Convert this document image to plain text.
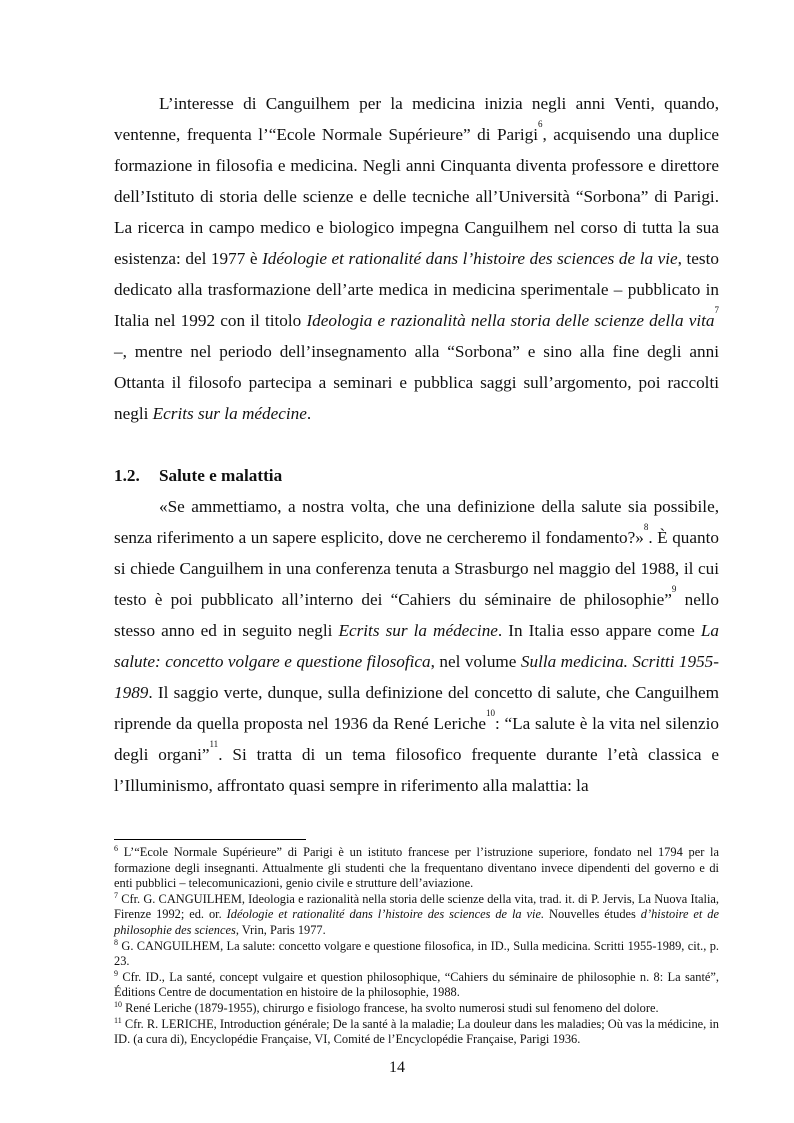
L’interesse di Canguilhem per la medicina inizia negli anni Venti, quando, ventenne, frequenta l’“Ecole Normale Supérieure” di Parigi$^6$, acquisendo una duplice formazione in filosofia e medicina. Negli anni Cinquanta diventa professore e direttore dell’Istituto di storia delle scienze e delle tecniche all’Università “Sorbona” di Parigi. La ricerca in campo medico e biologico impegna Canguilhem nel corso di tutta la sua esistenza: del 1977 è Idéologie et rationalité dans l’histoire des sciences de la vie, testo dedicato alla trasformazione dell’arte medica in medicina sperimentale – pubblicato in Italia nel 1992 con il titolo Ideologia e razionalità nella storia delle scienze della vita$^7$ –, mentre nel periodo dell’insegnamento alla “Sorbona” e sino alla fine degli anni Ottanta il filosofo partecipa a seminari e pubblica saggi sull’argomento, poi raccolti negli Ecrits sur la médecine.

1.2. Salute e malattia

«Se ammettiamo, a nostra volta, che una definizione della salute sia possibile, senza riferimento a un sapere esplicito, dove ne cercheremo il fondamento?»$^8$. È quanto si chiede Canguilhem in una conferenza tenuta a Strasburgo nel maggio del 1988, il cui testo è poi pubblicato all’interno dei “Cahiers du séminaire de philosophie”$^9$ nello stesso anno ed in seguito negli Ecrits sur la médecine. In Italia esso appare come La salute: concetto volgare e questione filosofica, nel volume Sulla medicina. Scritti 1955-1989. Il saggio verte, dunque, sulla definizione del concetto di salute, che Canguilhem riprende da quella proposta nel 1936 da René Leriche$^{10}$: “La salute è la vita nel silenzio degli organi”$^{11}$. Si tratta di un tema filosofico frequente durante l’età classica e l’Illuminismo, affrontato quasi sempre in riferimento alla malattia: la

$^6$ L’“Ecole Normale Supérieure” di Parigi è un istituto francese per l’istruzione superiore, fondato nel 1794 per la formazione degli insegnanti. Attualmente gli studenti che la frequentano diventano invece dipendenti del governo e di enti pubblici – telecomunicazioni, genio civile e strutture dell’aviazione.

$^7$ Cfr. G. CANGUILHEM, Ideologia e razionalità nella storia delle scienze della vita, trad. it. di P. Jervis, La Nuova Italia, Firenze 1992; ed. or. Idéologie et rationalité dans l’histoire des sciences de la vie. Nouvelles études d’histoire et de philosophie des sciences, Vrin, Paris 1977.

$^8$ G. CANGUILHEM, La salute: concetto volgare e questione filosofica, in ID., Sulla medicina. Scritti 1955-1989, cit., p. 23.

$^9$ Cfr. ID., La santé, concept vulgaire et question philosophique, “Cahiers du séminaire de philosophie n. 8: La santé”, Éditions Centre de documentation en histoire de la philosophie, 1988.

$^{10}$ René Leriche (1879-1955), chirurgo e fisiologo francese, ha svolto numerosi studi sul fenomeno del dolore.

$^{11}$ Cfr. R. LERICHE, Introduction générale; De la santé à la maladie; La douleur dans les maladies; Où vas la médicine, in ID. (a cura di), Encyclopédie Française, VI, Comité de l’Encyclopédie Française, Parigi 1936.

14
